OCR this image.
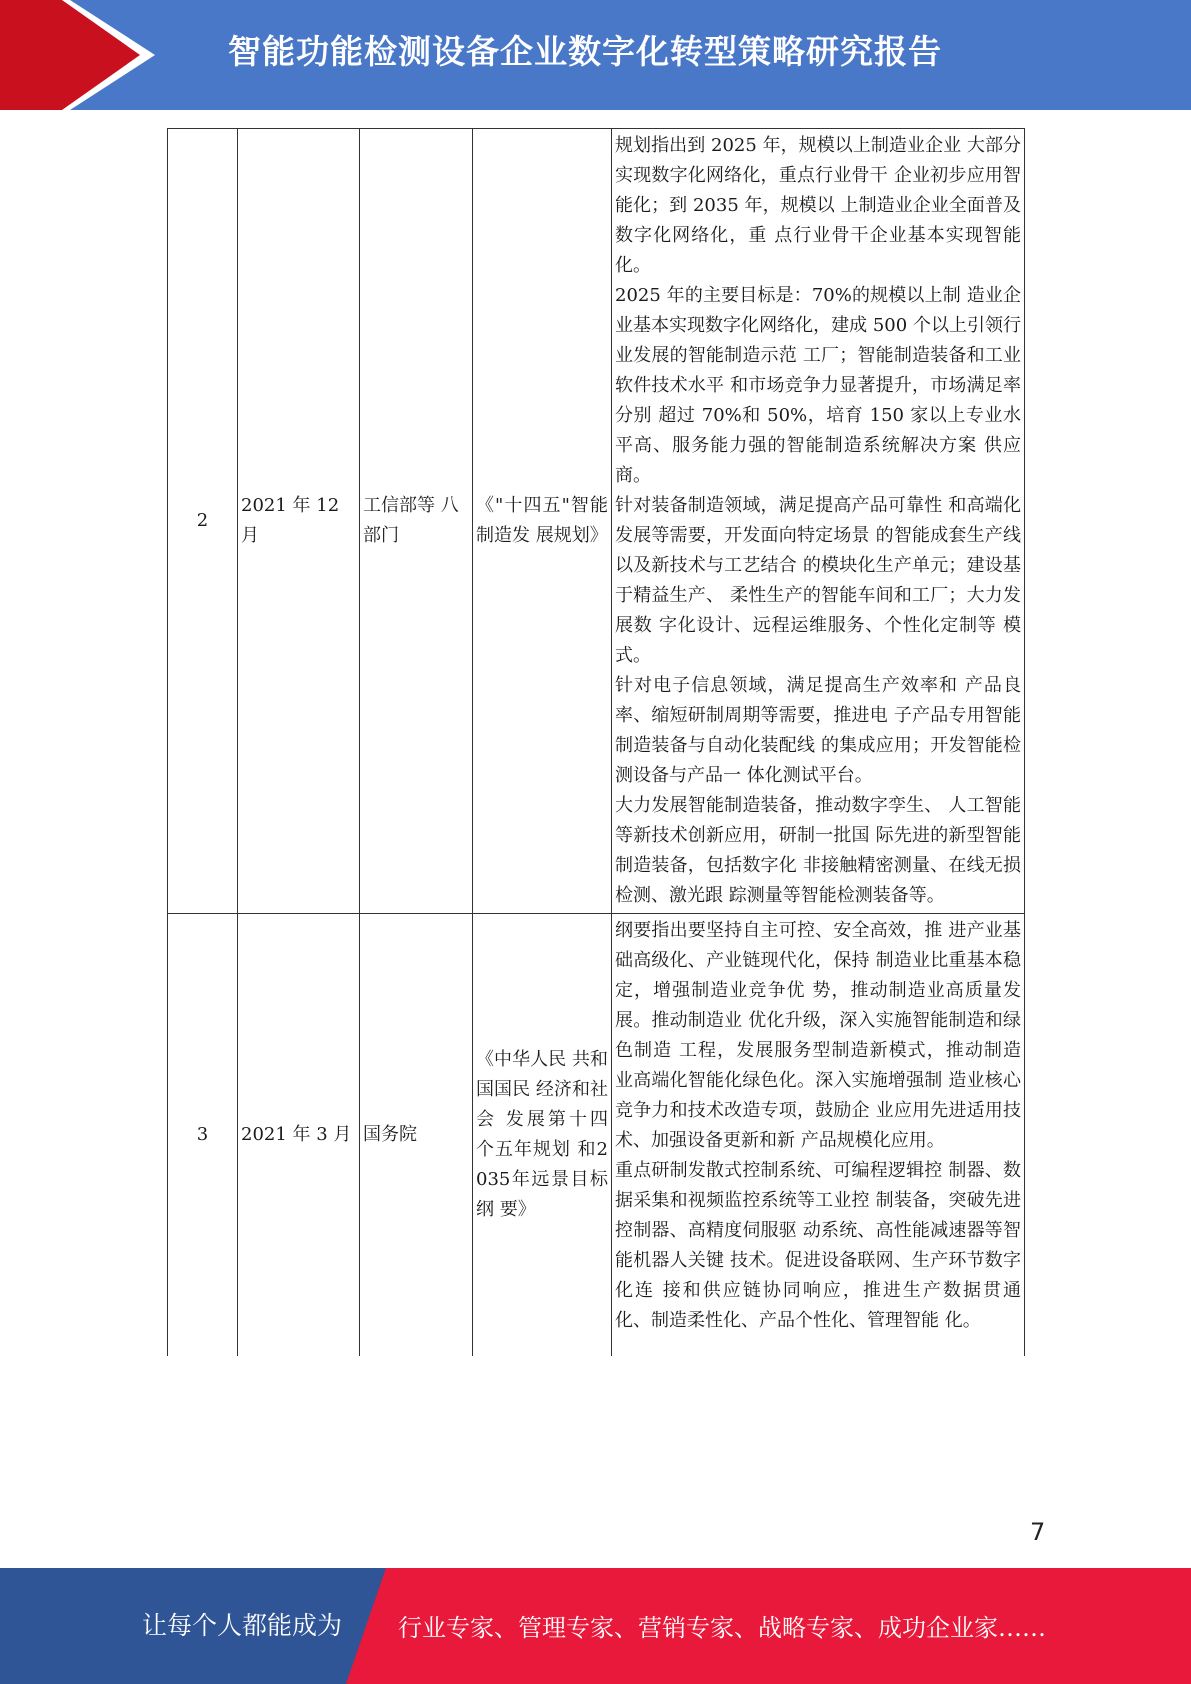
智能功能检测设备企业数字化转型策略研究报告
2	2021 年 12 月	工信部等 八部门	《"十四五"智能制造发 展规划》	规划指出到 2025 年，规模以上制造业企业 大部分实现数字化网络化，重点行业骨干 企业初步应用智能化；到 2035 年，规模以 上制造业企业全面普及数字化网络化，重 点行业骨干企业基本实现智能化。

2025 年的主要目标是：70%的规模以上制 造业企业基本实现数字化网络化，建成 500 个以上引领行业发展的智能制造示范 工厂；智能制造装备和工业软件技术水平 和市场竞争力显著提升，市场满足率分别 超过 70%和 50%，培育 150 家以上专业水平高、服务能力强的智能制造系统解决方案 供应商。

针对装备制造领域，满足提高产品可靠性 和高端化发展等需要，开发面向特定场景 的智能成套生产线以及新技术与工艺结合 的模块化生产单元；建设基于精益生产、 柔性生产的智能车间和工厂；大力发展数 字化设计、远程运维服务、个性化定制等 模式。

针对电子信息领域，满足提高生产效率和 产品良率、缩短研制周期等需要，推进电 子产品专用智能制造装备与自动化装配线 的集成应用；开发智能检测设备与产品一 体化测试平台。

大力发展智能制造装备，推动数字孪生、 人工智能等新技术创新应用，研制一批国 际先进的新型智能制造装备，包括数字化 非接触精密测量、在线无损检测、激光跟 踪测量等智能检测装备等。

3	2021 年 3 月	国务院	《中华人民 共和国国民 经济和社会 发展第十四 个五年规划 和2035年远景目标纲 要》	纲要指出要坚持自主可控、安全高效，推 进产业基础高级化、产业链现代化，保持 制造业比重基本稳定，增强制造业竞争优 势，推动制造业高质量发展。推动制造业 优化升级，深入实施智能制造和绿色制造 工程，发展服务型制造新模式，推动制造 业高端化智能化绿色化。深入实施增强制 造业核心竞争力和技术改造专项，鼓励企 业应用先进适用技术、加强设备更新和新 产品规模化应用。

重点研制发散式控制系统、可编程逻辑控 制器、数据采集和视频监控系统等工业控 制装备，突破先进控制器、高精度伺服驱 动系统、高性能减速器等智能机器人关键 技术。促进设备联网、生产环节数字化连 接和供应链协同响应，推进生产数据贯通 化、制造柔性化、产品个性化、管理智能 化。

7
让每个人都能成为 行业专家、管理专家、营销专家、战略专家、成功企业家……
